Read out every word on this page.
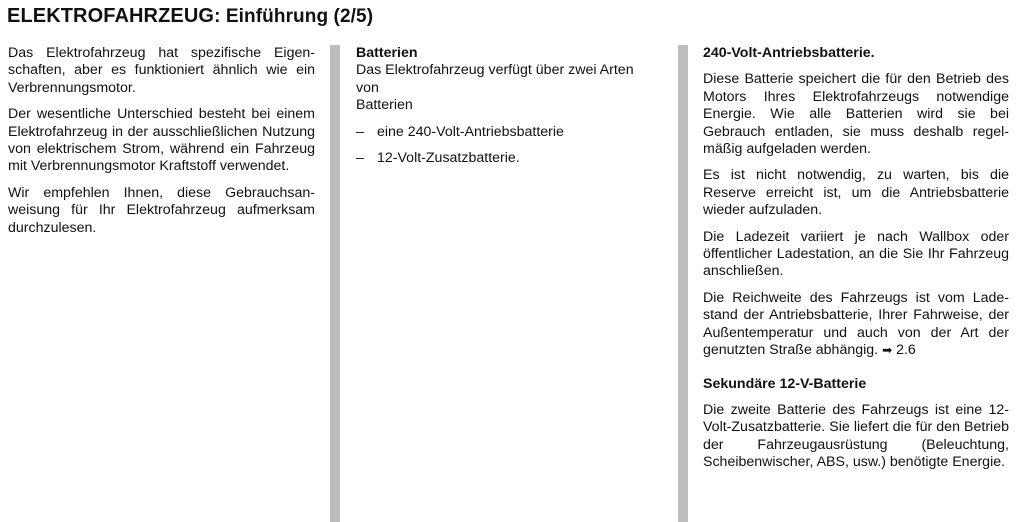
ELEKTROFAHRZEUG: Einführung (2/5)

Das Elektrofahrzeug hat spezifische Eigenschaften, aber es funktioniert ähnlich wie ein Verbrennungsmotor.

Der wesentliche Unterschied besteht bei einem Elektrofahrzeug in der ausschließlichen Nutzung von elektrischem Strom, während ein Fahrzeug mit Verbrennungsmotor Kraftstoff verwendet.

Wir empfehlen Ihnen, diese Gebrauchsanweisung für Ihr Elektrofahrzeug aufmerksam durchzulesen.

Batterien
Das Elektrofahrzeug verfügt über zwei Arten
von
Batterien
– eine 240-Volt-Antriebsbatterie
– 12-Volt-Zusatzbatterie.
240-Volt-Antriebsbatterie.

Diese Batterie speichert die für den Betrieb des Motors Ihres Elektrofahrzeugs notwendige Energie. Wie alle Batterien wird sie bei Gebrauch entladen, sie muss deshalb regelmäßig aufgeladen werden.

Es ist nicht notwendig, zu warten, bis die Reserve erreicht ist, um die Antriebsbatterie wieder aufzuladen.

Die Ladezeit variiert je nach Wallbox oder öffentlicher Ladestation, an die Sie Ihr Fahrzeug anschließen.

Die Reichweite des Fahrzeugs ist vom Ladestand der Antriebsbatterie, Ihrer Fahrweise, der Außentemperatur und auch von der Art der genutzten Straße abhängig. ➡ 2.6

Sekundäre 12-V-Batterie

Die zweite Batterie des Fahrzeugs ist eine 12-Volt-Zusatzbatterie. Sie liefert die für den Betrieb der Fahrzeugausrüstung (Beleuchtung, Scheibenwischer, ABS, usw.) benötigte Energie.
